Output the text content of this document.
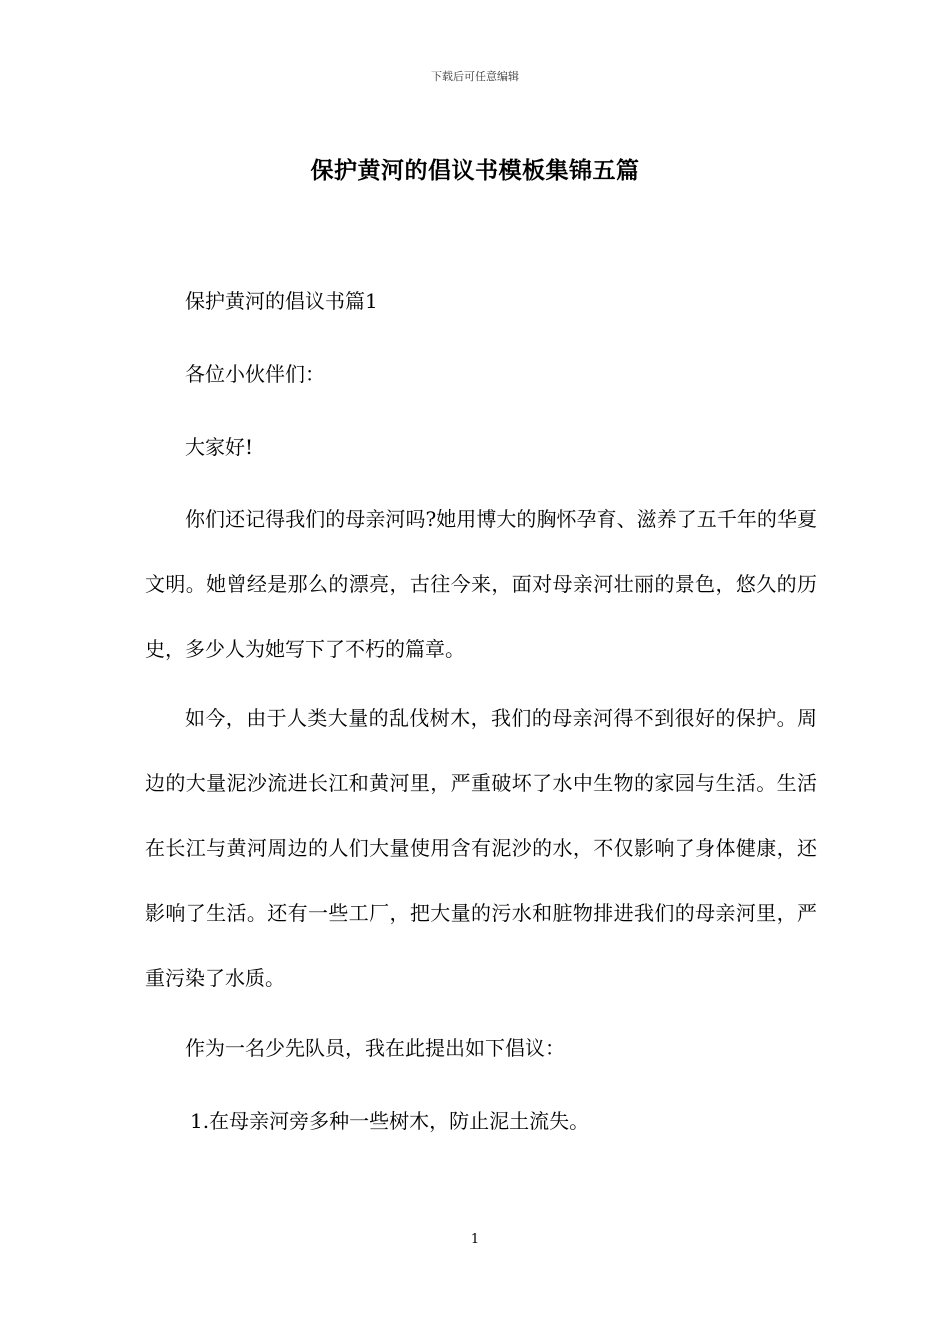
下载后可任意编辑
保护黄河的倡议书模板集锦五篇

保护黄河的倡议书篇1

各位小伙伴们：

大家好!

你们还记得我们的母亲河吗?她用博大的胸怀孕育、滋养了五千年的华夏文明。她曾经是那么的漂亮，古往今来，面对母亲河壮丽的景色，悠久的历史，多少人为她写下了不朽的篇章。

如今，由于人类大量的乱伐树木，我们的母亲河得不到很好的保护。周边的大量泥沙流进长江和黄河里，严重破坏了水中生物的家园与生活。生活在长江与黄河周边的人们大量使用含有泥沙的水，不仅影响了身体健康，还影响了生活。还有一些工厂，把大量的污水和脏物排进我们的母亲河里，严重污染了水质。

作为一名少先队员，我在此提出如下倡议：

1.在母亲河旁多种一些树木，防止泥土流失。

1
